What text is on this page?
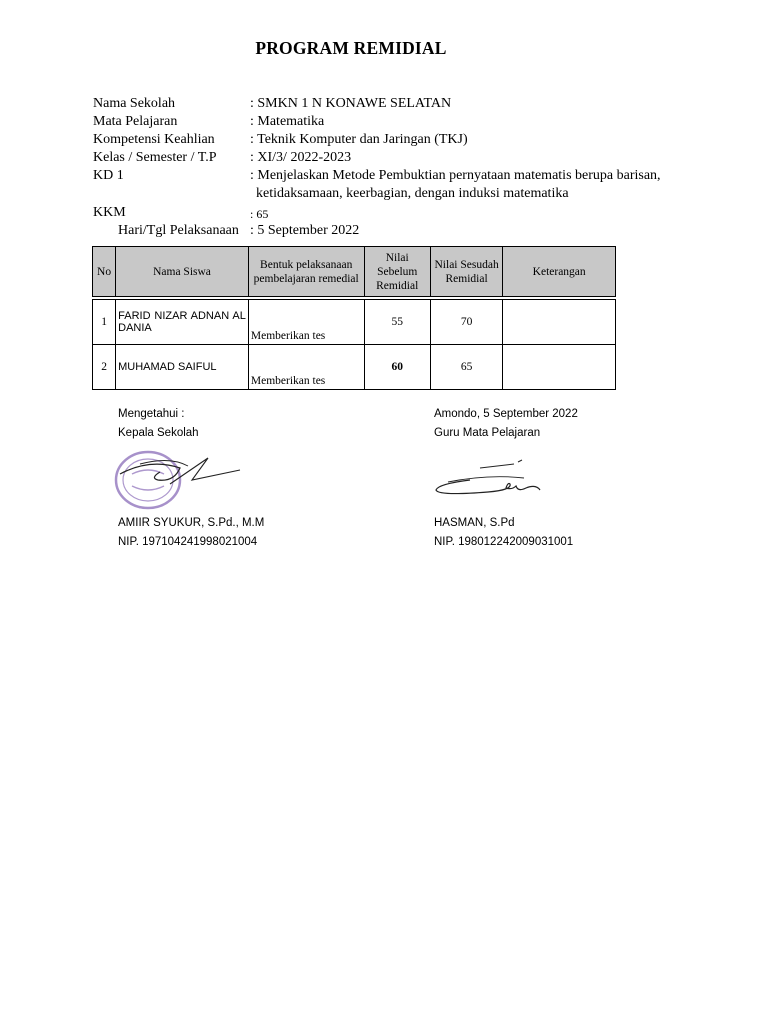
PROGRAM REMIDIAL
Nama Sekolah	: SMKN 1 N KONAWE SELATAN
Mata Pelajaran	: Matematika
Kompetensi Keahlian	: Teknik Komputer dan Jaringan (TKJ)
Kelas / Semester / T.P : XI/3/ 2022-2023
KD 1	: Menjelaskan Metode Pembuktian pernyataan matematis berupa barisan,
ketidaksamaan, keerbagian, dengan induksi matematika
KKM	: 65
Hari/Tgl Pelaksanaan : 5 September 2022
No	Nama Siswa	Bentuk pelaksanaan pembelajaran remedial	Nilai Sebelum Remidial	Nilai Sesudah Remidial	Keterangan

1	FARID NIZAR ADNAN AL DANIA	Memberikan tes	55	70	
2	MUHAMAD SAIFUL	Memberikan tes	60	65	
Mengetahui :
Kepala Sekolah
AMIIR SYUKUR, S.Pd., M.M
NIP. 197104241998021004
Amondo, 5 September 2022
Guru Mata Pelajaran
HASMAN, S.Pd
NIP. 198012242009031001
